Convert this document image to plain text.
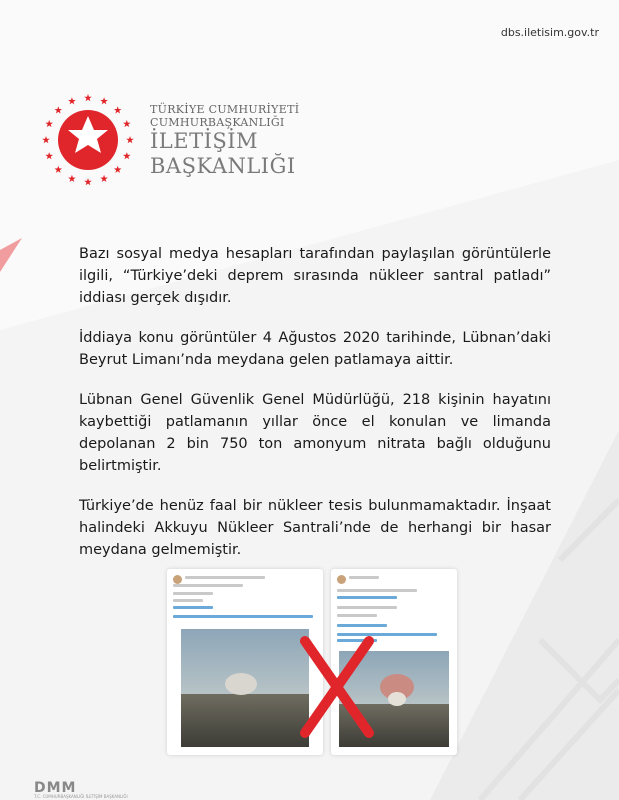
dbs.iletisim.gov.tr
TÜRKİYE CUMHURİYETİ
CUMHURBAŞKANLIĞI
İLETİŞİM
BAŞKANLIĞI

Bazı sosyal medya hesapları tarafından paylaşılan görüntülerle ilgili, “Türkiye’deki deprem sırasında nükleer santral patladı” iddiası gerçek dışıdır.

İddiaya konu görüntüler 4 Ağustos 2020 tarihinde, Lübnan’daki Beyrut Limanı’nda meydana gelen patlamaya aittir.

Lübnan Genel Güvenlik Genel Müdürlüğü, 218 kişinin hayatını kaybettiği patlamanın yıllar önce el konulan ve limanda depolanan 2 bin 750 ton amonyum nitrata bağlı olduğunu belirtmiştir.

Türkiye’de henüz faal bir nükleer tesis bulunmamaktadır. İnşaat halindeki Akkuyu Nükleer Santrali’nde de herhangi bir hasar meydana gelmemiştir.

DMM
T.C. CUMHURBAŞKANLIĞI İLETİŞİM BAŞKANLIĞI
